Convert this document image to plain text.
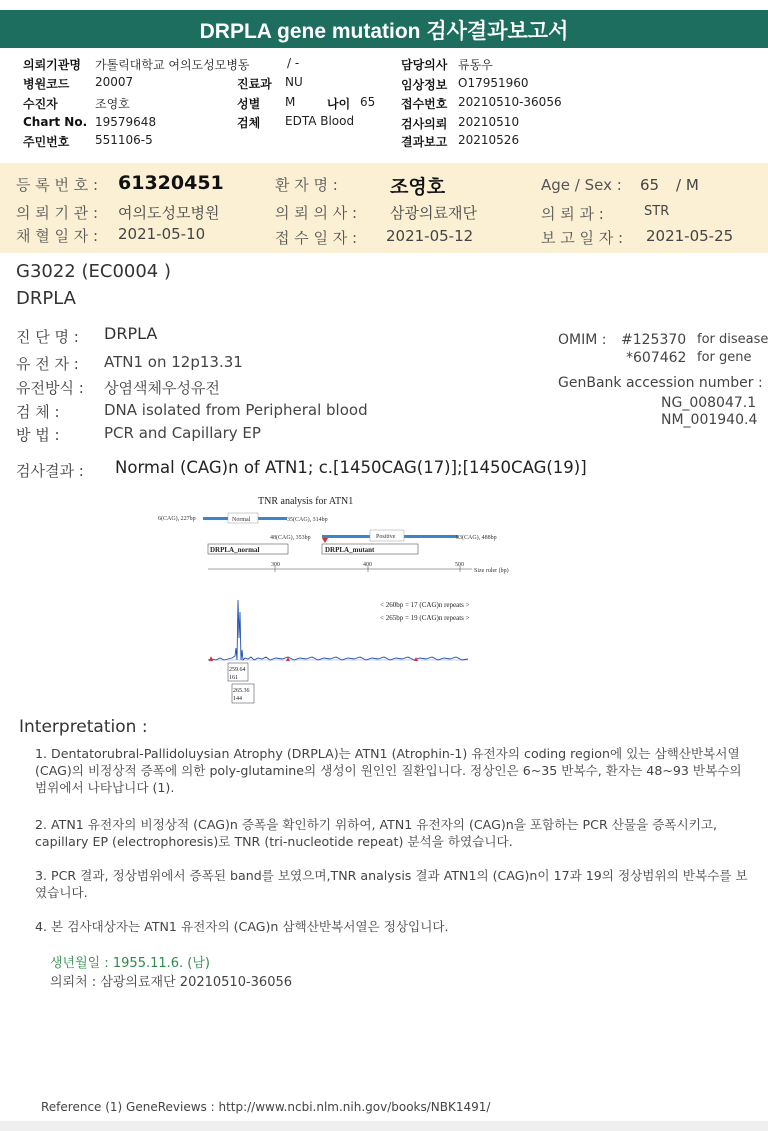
DRPLA gene mutation 검사결과보고서
의뢰기관명 가톨릭대학교 여의도성모병동
병원코드 20007
수진자	조영호
Chart No. 19579648
주민번호 551106-5
/ -
진료과 NU
성별 M	나이 65
검체 EDTA Blood
담당의사 류동우
임상정보 O17951960
접수번호 20210510-36056
검사의뢰 20210510
결과보고 20210526
등 록 번 호 : 61320451	환 자 명 :	조영호	Age / Sex : 65 / M
의 뢰 기 관 : 여의도성모병원	의 뢰 의 사 : 삼광의료재단	의 뢰 과 :	STR
채 혈 일 자 : 2021-05-10	접 수 일 자 : 2021-05-12	보 고 일 자 : 2021-05-25
G3022 (EC0004 )
DRPLA
진 단 명 : DRPLA
유 전 자 : ATN1 on 12p13.31
유전방식 : 상염색체우성유전
검 체 :	DNA isolated from Peripheral blood
방 법 :	PCR and Capillary EP
OMIM : #125370 for disease
*607462 for gene
GenBank accession number :
NG_008047.1
NM_001940.4
검사결과 : Normal (CAG)n of ATN1; c.[1450CAG(17)];[1450CAG(19)]
TNR analysis for ATN1
6(CAG), 227bp	Normal	35(CAG), 314bp
48(CAG), 353bp	Positive	93(CAG), 488bp
DRPLA_normal	DRPLA_mutant
300	400	500
Size ruler (bp)
< 260bp = 17 (CAG)n repeats >
< 265bp = 19 (CAG)n repeats >
259.64
161
265.36
144
Interpretation :
1. Dentatorubral-Pallidoluysian Atrophy (DRPLA)는 ATN1 (Atrophin-1) 유전자의 coding region에 있는 삼핵산반복서열 (CAG)의 비정상적 증폭에 의한 poly-glutamine의 생성이 원인인 질환입니다. 정상인은 6~35 반복수, 환자는 48~93 반복수의 범위에서 나타납니다 (1).
2. ATN1 유전자의 비정상적 (CAG)n 증폭을 확인하기 위하여, ATN1 유전자의 (CAG)n을 포함하는 PCR 산물을 증폭시키고, capillary EP (electrophoresis)로 TNR (tri-nucleotide repeat) 분석을 하였습니다.
3. PCR 결과, 정상범위에서 증폭된 band를 보였으며,TNR analysis 결과 ATN1의 (CAG)n이 17과 19의 정상범위의 반복수를 보였습니다.
4. 본 검사대상자는 ATN1 유전자의 (CAG)n 삼핵산반복서열은 정상입니다.
생년월일 : 1955.11.6. (남)
의뢰처 : 삼광의료재단 20210510-36056
Reference (1) GeneReviews : http://www.ncbi.nlm.nih.gov/books/NBK1491/
